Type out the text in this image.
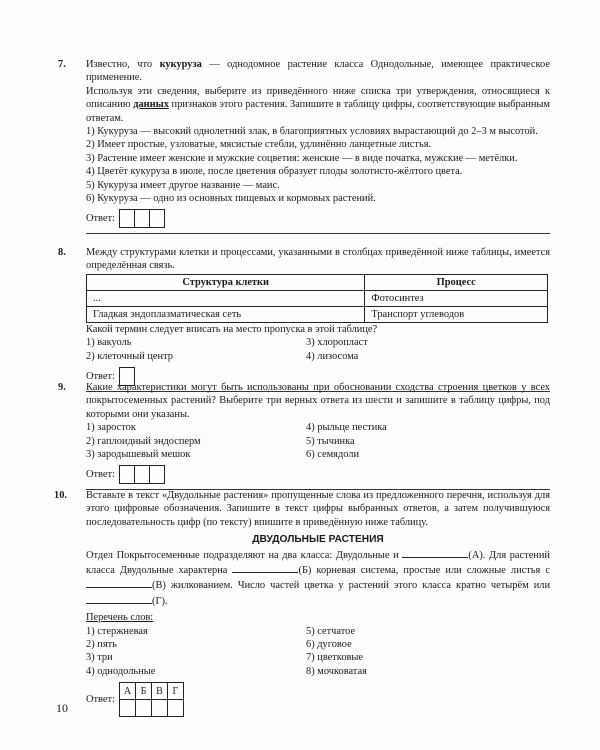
7. Известно, что кукуруза — однодомное растение класса Однодольные, имеющее практическое применение.

Используя эти сведения, выберите из приведённого ниже списка три утверждения, относящиеся к описанию данных признаков этого растения. Запишите в таблицу цифры, соответствующие выбранным ответам.

1) Кукуруза — высокий однолетний злак, в благоприятных условиях вырастающий до 2–3 м высотой.
2) Имеет простые, узловатые, мясистые стебли, удлинённо ланцетные листья.
3) Растение имеет женские и мужские соцветия: женские — в виде початка, мужские — метёлки.
4) Цветёт кукуруза в июле, после цветения образует плоды золотисто-жёлтого цвета.
5) Кукуруза имеет другое название — маис.
6) Кукуруза — одно из основных пищевых и кормовых растений.
Ответ:
8. Между структурами клетки и процессами, указанными в столбцах приведённой ниже таблицы, имеется определённая связь.

Структура клетки	Процесс
...	Фотосинтез
Гладкая эндоплазматическая сеть	Транспорт углеводов

Какой термин следует вписать на место пропуска в этой таблице?

1) вакуоль	3) хлоропласт
2) клеточный центр	4) лизосома
Ответ:
9. Какие характеристики могут быть использованы при обосновании сходства строения цветков у всех покрытосеменных растений? Выберите три верных ответа из шести и запишите в таблицу цифры, под которыми они указаны.

1) заросток	4) рыльце пестика
2) гаплоидный эндосперм	5) тычинка
3) зародышевый мешок	6) семядоли
Ответ:
10. Вставьте в текст «Двудольные растения» пропущенные слова из предложенного перечня, используя для этого цифровые обозначения. Запишите в текст цифры выбранных ответов, а затем получившуюся последовательность цифр (по тексту) впишите в приведённую ниже таблицу.

ДВУДОЛЬНЫЕ РАСТЕНИЯ

Отдел Покрытосеменные подразделяют на два класса: Двудольные и	(А). Для растений класса Двудольные характерна	(Б) корневая система, простые или сложные листья с (В) жилкованием. Число частей цветка у растений этого класса кратно четырём или (Г).

Перечень слов:

1) стержневая	5) сетчатое
2) пять	6) дуговое
3) три	7) цветковые
4) однодольные	8) мочковатая
Ответ:
А	Б	В	Г

10
